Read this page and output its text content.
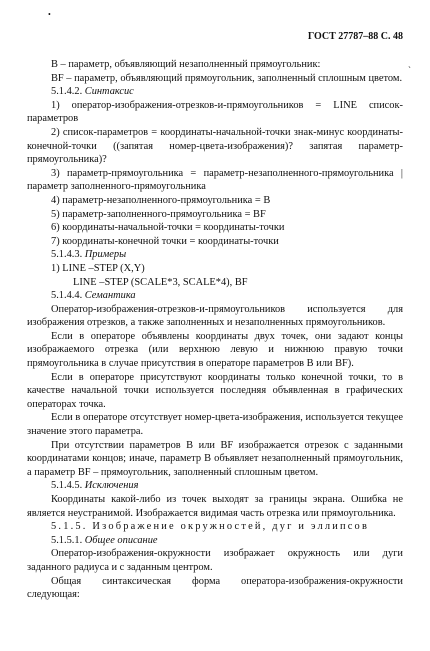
•
ˋ
ГОСТ 27787–88 С. 48

B – параметр, объявляющий незаполненный прямоугольник:

BF – параметр, объявляющий прямоугольник, заполненный сплошным цветом.

5.1.4.2. Синтаксис

1) оператор-изображения-отрезков-и-прямоугольников = LINE список-параметров

2) список-параметров = координаты-начальной-точки знак-минус координаты-конечной-точки ((запятая номер-цвета-изображения)? запятая параметр-прямоугольника)?

3) параметр-прямоугольника = параметр-незаполненного-прямоугольника | параметр заполненного-прямоугольника

4) параметр-незаполненного-прямоугольника = B

5) параметр-заполненного-прямоугольника = BF

6) координаты-начальной-точки = координаты-точки

7) координаты-конечной точки = координаты-точки

5.1.4.3. Примеры

1) LINE –STEP (X,Y)

LINE –STEP (SCALE*3, SCALE*4), BF

5.1.4.4. Семантика

Оператор-изображения-отрезков-и-прямоугольников используется для изображения отрезков, а также заполненных и незаполненных прямоугольников.

Если в операторе объявлены координаты двух точек, они задают концы изображаемого отрезка (или верхнюю левую и нижнюю правую точки прямоугольника в случае присутствия в операторе параметров B или BF).

Если в операторе присутствуют координаты только конечной точки, то в качестве начальной точки используется последняя объявленная в графических операторах точка.

Если в операторе отсутствует номер-цвета-изображения, используется текущее значение этого параметра.

При отсутствии параметров B или BF изображается отрезок с заданными координатами концов; иначе, параметр B объявляет незаполненный прямоугольник, а параметр BF – прямоугольник, заполненный сплошным цветом.

5.1.4.5. Исключения

Координаты какой-либо из точек выходят за границы экрана. Ошибка не является неустранимой. Изображается видимая часть отрезка или прямоугольника.

5.1.5. Изображение окружностей, дуг и эллипсов

5.1.5.1. Общее описание

Оператор-изображения-окружности изображает окружность или дуги заданного радиуса и с заданным центром.

Общая синтаксическая форма оператора-изображения-окружности следующая:
